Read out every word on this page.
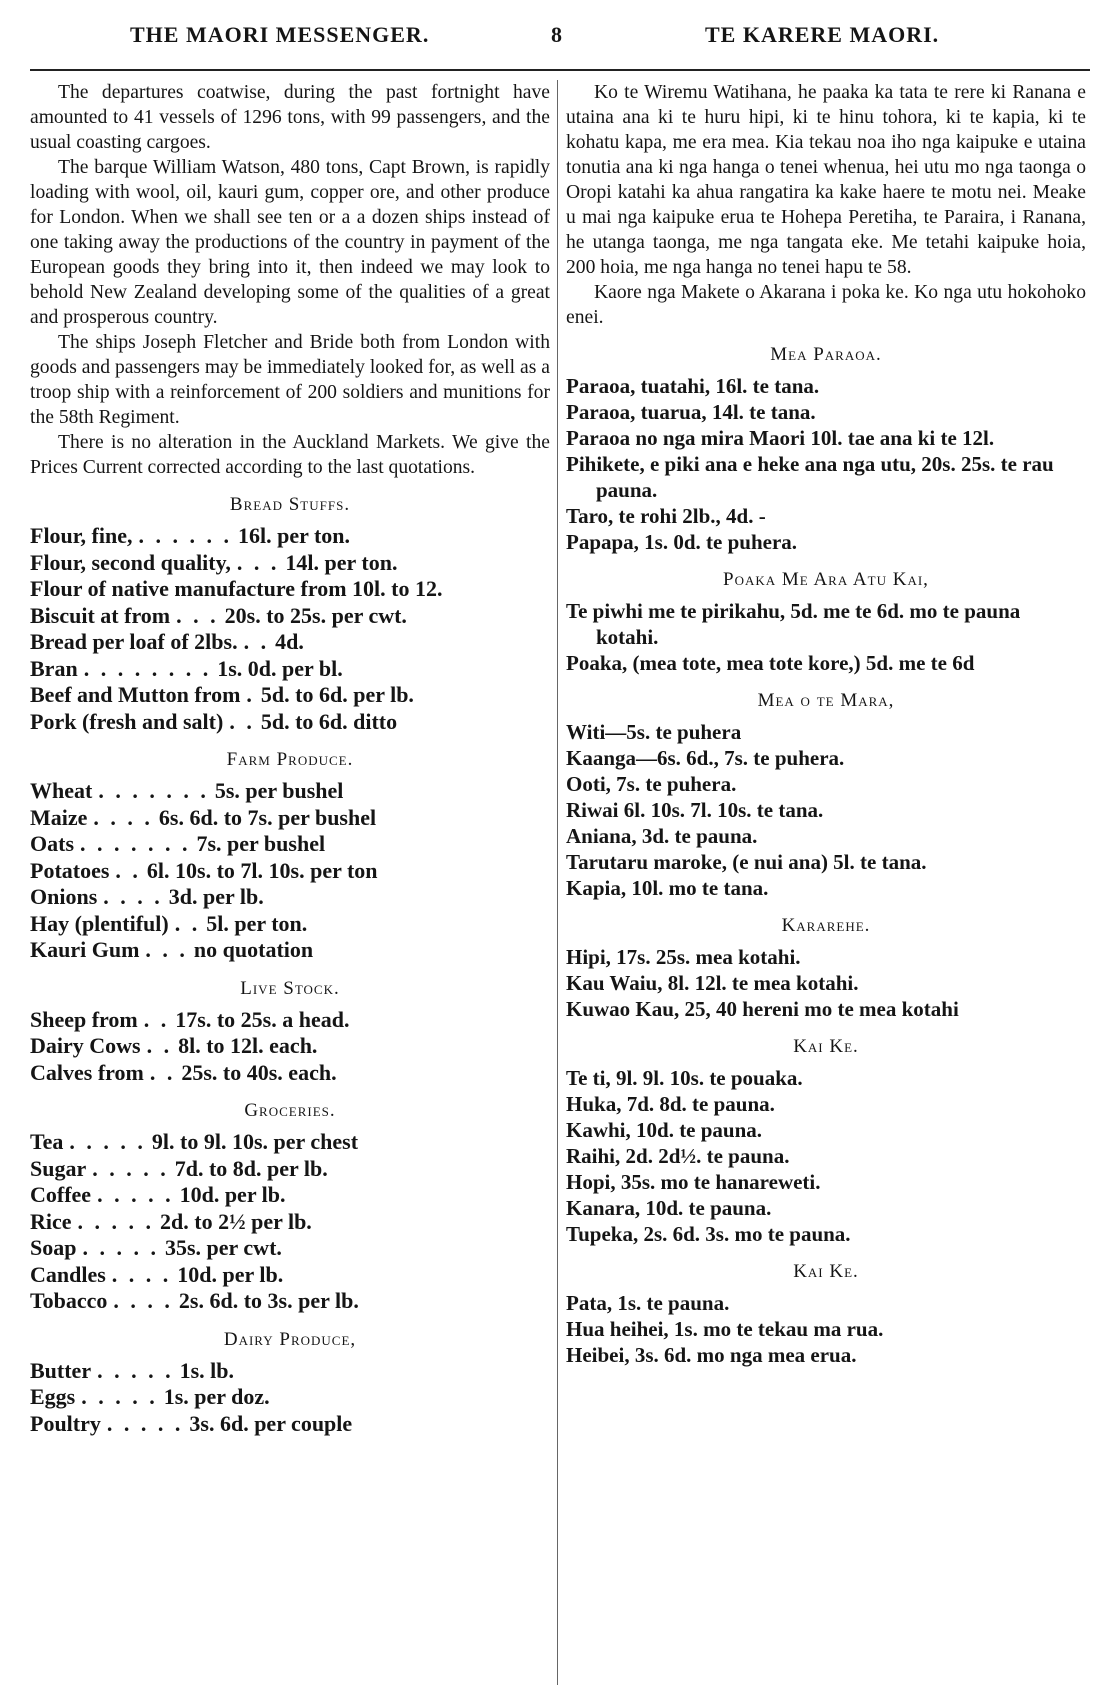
THE MAORI MESSENGER.	8	TE KARERE MAORI.

The departures coatwise, during the past fortnight have amounted to 41 vessels of 1296 tons, with 99 passengers, and the usual coasting cargoes.

The barque William Watson, 480 tons, Capt Brown, is rapidly loading with wool, oil, kauri gum, copper ore, and other produce for London. When we shall see ten or a a dozen ships instead of one taking away the productions of the country in payment of the European goods they bring into it, then indeed we may look to behold New Zealand developing some of the qualities of a great and prosperous country.

The ships Joseph Fletcher and Bride both from London with goods and passengers may be immediately looked for, as well as a troop ship with a reinforcement of 200 soldiers and munitions for the 58th Regiment.

There is no alteration in the Auckland Markets. We give the Prices Current corrected according to the last quotations.

Bread Stuffs.
Flour, fine, . . . . . . 16l. per ton.
Flour, second quality, . . . 14l. per ton.
Flour of native manufacture from 10l. to 12.
Biscuit at from . . . 20s. to 25s. per cwt.
Bread per loaf of 2lbs. . . 4d.
Bran . . . . . . . . 1s. 0d. per bl.
Beef and Mutton from . 5d. to 6d. per lb.
Pork (fresh and salt) . . 5d. to 6d. ditto
Farm Produce.
Wheat . . . . . . . 5s. per bushel
Maize . . . . 6s. 6d. to 7s. per bushel
Oats . . . . . . . 7s. per bushel
Potatoes . . 6l. 10s. to 7l. 10s. per ton
Onions . . . . 3d. per lb.
Hay (plentiful) . . 5l. per ton.
Kauri Gum . . . no quotation
Live Stock.
Sheep from . . 17s. to 25s. a head.
Dairy Cows . . 8l. to 12l. each.
Calves from . . 25s. to 40s. each.
Groceries.
Tea . . . . . 9l. to 9l. 10s. per chest
Sugar . . . . . 7d. to 8d. per lb.
Coffee . . . . . 10d. per lb.
Rice . . . . . 2d. to 2½ per lb.
Soap . . . . . 35s. per cwt.
Candles . . . . 10d. per lb.
Tobacco . . . . 2s. 6d. to 3s. per lb.
Dairy Produce,
Butter . . . . . 1s. lb.
Eggs . . . . . 1s. per doz.
Poultry . . . . . 3s. 6d. per couple

Ko te Wiremu Watihana, he paaka ka tata te rere ki Ranana e utaina ana ki te huru hipi, ki te hinu tohora, ki te kapia, ki te kohatu kapa, me era mea. Kia tekau noa iho nga kaipuke e utaina tonutia ana ki nga hanga o tenei whenua, hei utu mo nga taonga o Oropi katahi ka ahua rangatira ka kake haere te motu nei. Meake u mai nga kaipuke erua te Hohepa Peretiha, te Paraira, i Ranana, he utanga taonga, me nga tangata eke. Me tetahi kaipuke hoia, 200 hoia, me nga hanga no tenei hapu te 58.

Kaore nga Makete o Akarana i poka ke. Ko nga utu hokohoko enei.

Mea Paraoa.

Paraoa, tuatahi, 16l. te tana.

Paraoa, tuarua, 14l. te tana.

Paraoa no nga mira Maori 10l. tae ana ki te 12l.

Pihikete, e piki ana e heke ana nga utu, 20s. 25s. te rau pauna.

Taro, te rohi 2lb., 4d. -

Papapa, 1s. 0d. te puhera.

Poaka Me Ara Atu Kai,

Te piwhi me te pirikahu, 5d. me te 6d. mo te pauna kotahi.

Poaka, (mea tote, mea tote kore,) 5d. me te 6d

Mea o te Mara,

Witi—5s. te puhera

Kaanga—6s. 6d., 7s. te puhera.

Ooti, 7s. te puhera.

Riwai 6l. 10s. 7l. 10s. te tana.

Aniana, 3d. te pauna.

Tarutaru maroke, (e nui ana) 5l. te tana.

Kapia, 10l. mo te tana.

Kararehe.

Hipi, 17s. 25s. mea kotahi.

Kau Waiu, 8l. 12l. te mea kotahi.

Kuwao Kau, 25, 40 hereni mo te mea kotahi

Kai Ke.

Te ti, 9l. 9l. 10s. te pouaka.

Huka, 7d. 8d. te pauna.

Kawhi, 10d. te pauna.

Raihi, 2d. 2d½. te pauna.

Hopi, 35s. mo te hanareweti.

Kanara, 10d. te pauna.

Tupeka, 2s. 6d. 3s. mo te pauna.

Kai Ke.

Pata, 1s. te pauna.

Hua heihei, 1s. mo te tekau ma rua.

Heibei, 3s. 6d. mo nga mea erua.
